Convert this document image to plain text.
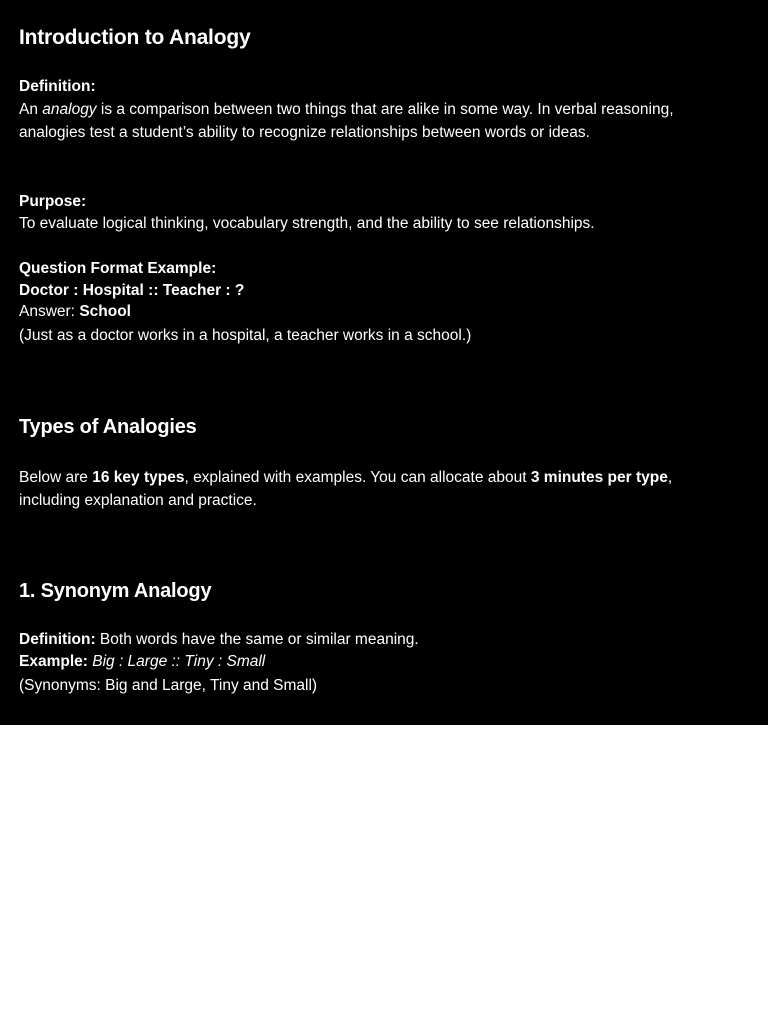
Introduction to Analogy
Definition:

An analogy is a comparison between two things that are alike in some way. In verbal reasoning, analogies test a student’s ability to recognize relationships between words or ideas.

Purpose:

To evaluate logical thinking, vocabulary strength, and the ability to see relationships.

Question Format Example:
Doctor : Hospital :: Teacher : ?

Answer: School

(Just as a doctor works in a hospital, a teacher works in a school.)

Types of Analogies

Below are 16 key types, explained with examples. You can allocate about 3 minutes per type, including explanation and practice.

1. Synonym Analogy

Definition: Both words have the same or similar meaning.

Example: Big : Large :: Tiny : Small

(Synonyms: Big and Large, Tiny and Small)
